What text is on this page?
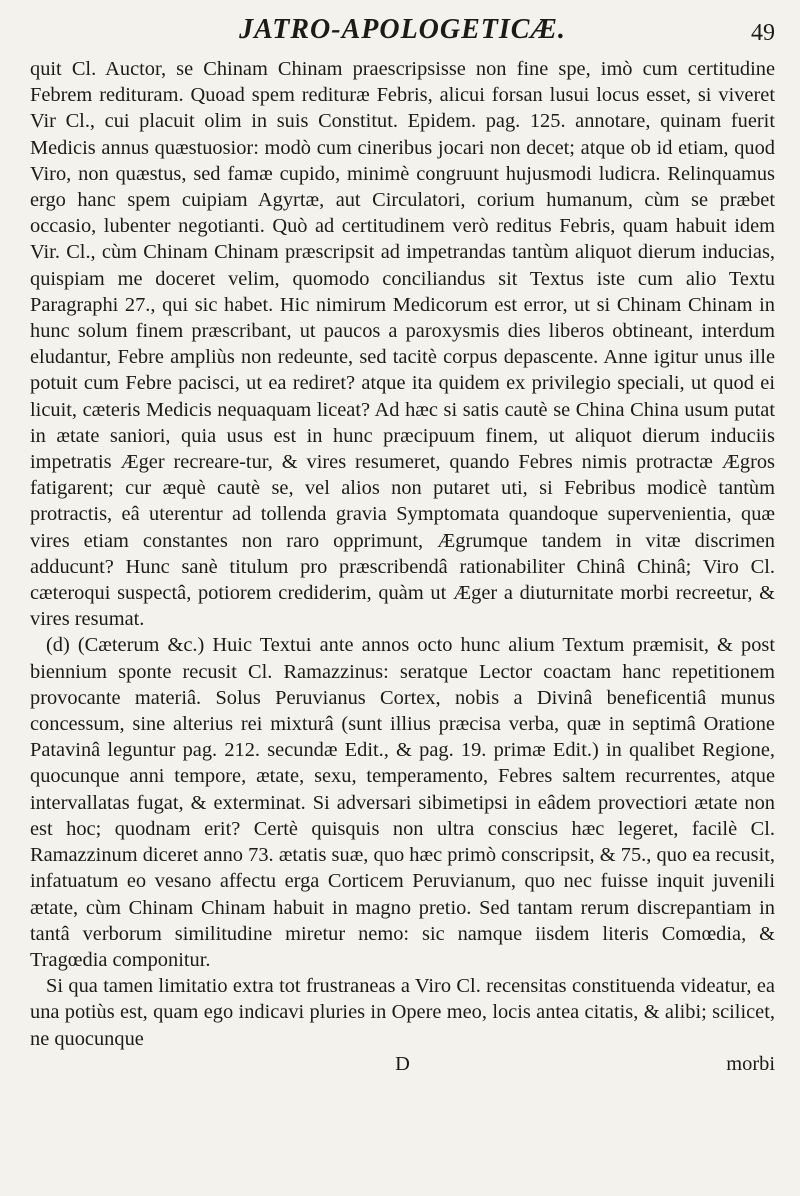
JATRO-APOLOGETICÆ.	49

quit Cl. Auctor, se Chinam Chinam praescripsisse non fine spe, imò cum certitudine Febrem redituram. Quoad spem redituræ Febris, alicui forsan lusui locus esset, si viveret Vir Cl., cui placuit olim in suis Constitut. Epidem. pag. 125. annotare, quinam fuerit Medicis annus quæstuosior: modò cum cineribus jocari non decet; atque ob id etiam, quod Viro, non quæstus, sed famæ cupido, minimè congruunt hujusmodi ludicra. Relinquamus ergo hanc spem cuipiam Agyrtæ, aut Circulatori, corium humanum, cùm se præbet occasio, lubenter negotianti. Quò ad certitudinem verò reditus Febris, quam habuit idem Vir. Cl., cùm Chinam Chinam præscripsit ad impetrandas tantùm aliquot dierum inducias, quispiam me doceret velim, quomodo conciliandus sit Textus iste cum alio Textu Paragraphi 27., qui sic habet. Hic nimirum Medicorum est error, ut si Chinam Chinam in hunc solum finem præscribant, ut paucos a paroxysmis dies liberos obtineant, interdum eludantur, Febre ampliùs non redeunte, sed tacitè corpus depascente. Anne igitur unus ille potuit cum Febre pacisci, ut ea rediret? atque ita quidem ex privilegio speciali, ut quod ei licuit, cæteris Medicis nequaquam liceat? Ad hæc si satis cautè se China China usum putat in ætate saniori, quia usus est in hunc præcipuum finem, ut aliquot dierum induciis impetratis Æger recreare-tur, & vires resumeret, quando Febres nimis protractæ Ægros fatigarent; cur æquè cautè se, vel alios non putaret uti, si Febribus modicè tantùm protractis, eâ uterentur ad tollenda gravia Symptomata quandoque supervenientia, quæ vires etiam constantes non raro opprimunt, Ægrumque tandem in vitæ discrimen adducunt? Hunc sanè titulum pro præscribendâ rationabiliter Chinâ Chinâ; Viro Cl. cæteroqui suspectâ, potiorem crediderim, quàm ut Æger a diuturnitate morbi recreetur, & vires resumat.

(d) (Cæterum &c.) Huic Textui ante annos octo hunc alium Textum præmisit, & post biennium sponte recusit Cl. Ramazzinus: seratque Lector coactam hanc repetitionem provocante materiâ. Solus Peruvianus Cortex, nobis a Divinâ beneficentiâ munus concessum, sine alterius rei mixturâ (sunt illius præcisa verba, quæ in septimâ Oratione Patavinâ leguntur pag. 212. secundæ Edit., & pag. 19. primæ Edit.) in qualibet Regione, quocunque anni tempore, ætate, sexu, temperamento, Febres saltem recurrentes, atque intervallatas fugat, & exterminat. Si adversari sibimetipsi in eâdem provectiori ætate non est hoc; quodnam erit? Certè quisquis non ultra conscius hæc legeret, facilè Cl. Ramazzinum diceret anno 73. ætatis suæ, quo hæc primò conscripsit, & 75., quo ea recusit, infatuatum eo vesano affectu erga Corticem Peruvianum, quo nec fuisse inquit juvenili ætate, cùm Chinam Chinam habuit in magno pretio. Sed tantam rerum discrepantiam in tantâ verborum similitudine miretur nemo: sic namque iisdem literis Comœdia, & Tragœdia componitur.

Si qua tamen limitatio extra tot frustraneas a Viro Cl. recensitas constituenda videatur, ea una potiùs est, quam ego indicavi pluries in Opere meo, locis antea citatis, & alibi; scilicet, ne quocunque

D	morbi
